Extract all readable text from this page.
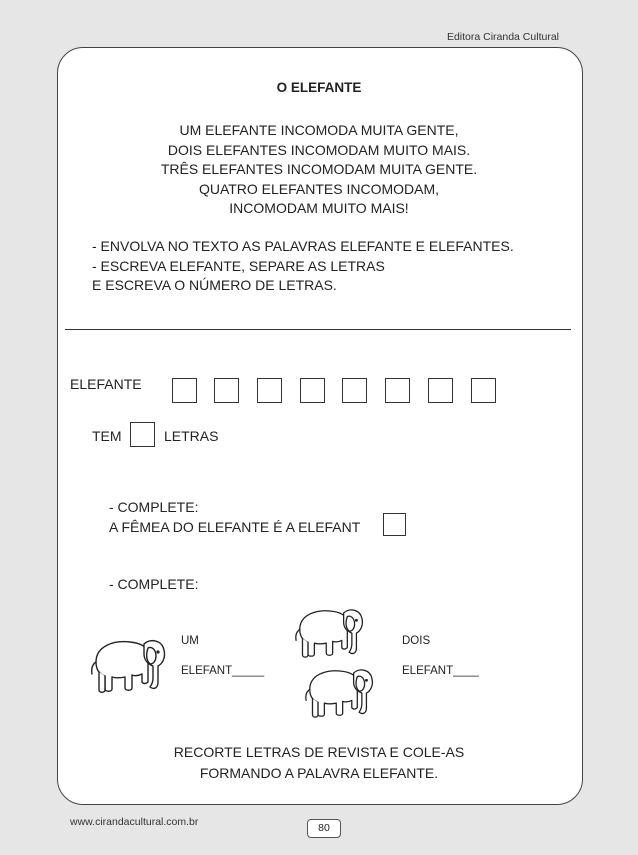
Editora Ciranda Cultural
O ELEFANTE
UM ELEFANTE INCOMODA MUITA GENTE,
DOIS ELEFANTES INCOMODAM MUITO MAIS.
TRÊS ELEFANTES INCOMODAM MUITA GENTE.
QUATRO ELEFANTES INCOMODAM,
INCOMODAM MUITO MAIS!
- ENVOLVA NO TEXTO AS PALAVRAS ELEFANTE E ELEFANTES.
- ESCREVA ELEFANTE, SEPARE AS LETRAS
E ESCREVA O NÚMERO DE LETRAS.
ELEFANTE
TEM	LETRAS
- COMPLETE:
A FÊMEA DO ELEFANTE É A ELEFANT
- COMPLETE:
UM
ELEFANT_____
DOIS
ELEFANT____
RECORTE LETRAS DE REVISTA E COLE-AS
FORMANDO A PALAVRA ELEFANTE.
www.cirandacultural.com.br	80
